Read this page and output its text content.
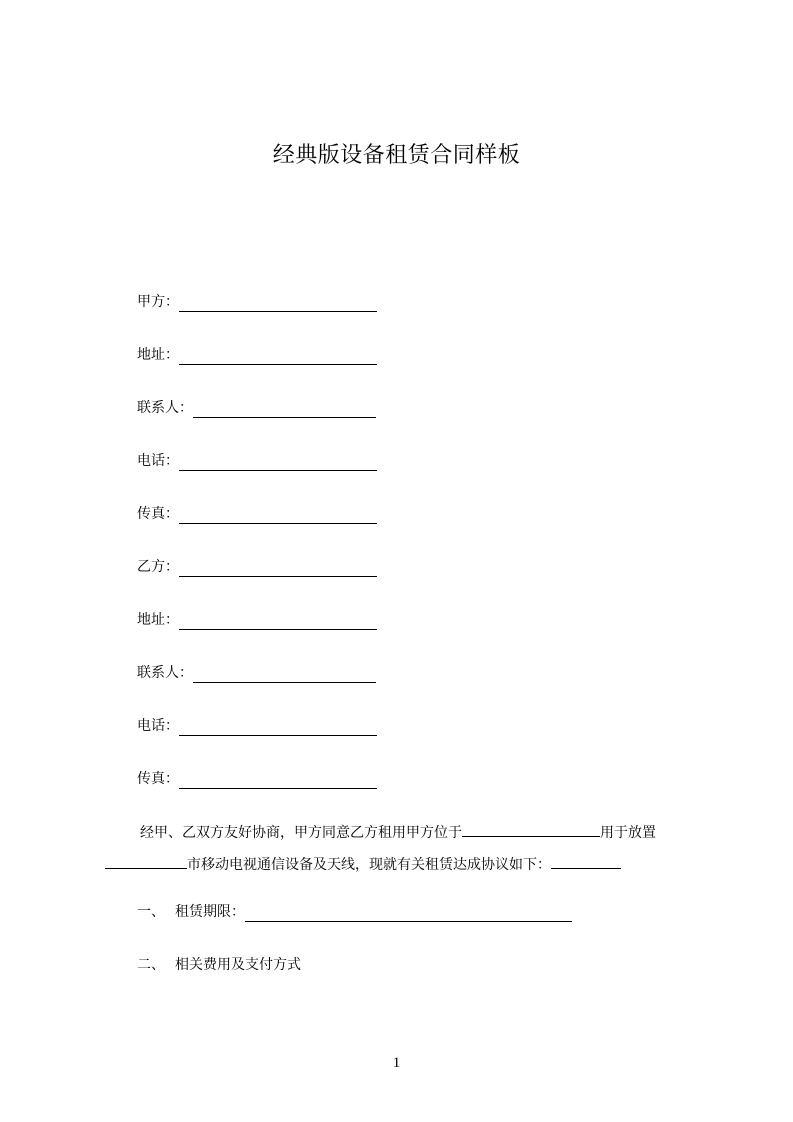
经典版设备租赁合同样板
甲方：
地址：
联系人：
电话：
传真：
乙方：
地址：
联系人：
电话：
传真：
经甲、乙双方友好协商，甲方同意乙方租用甲方位于	用于放置市移动电视通信设备及天线，现就有关租赁达成协议如下：
一、 租赁期限：
二、 相关费用及支付方式
1
